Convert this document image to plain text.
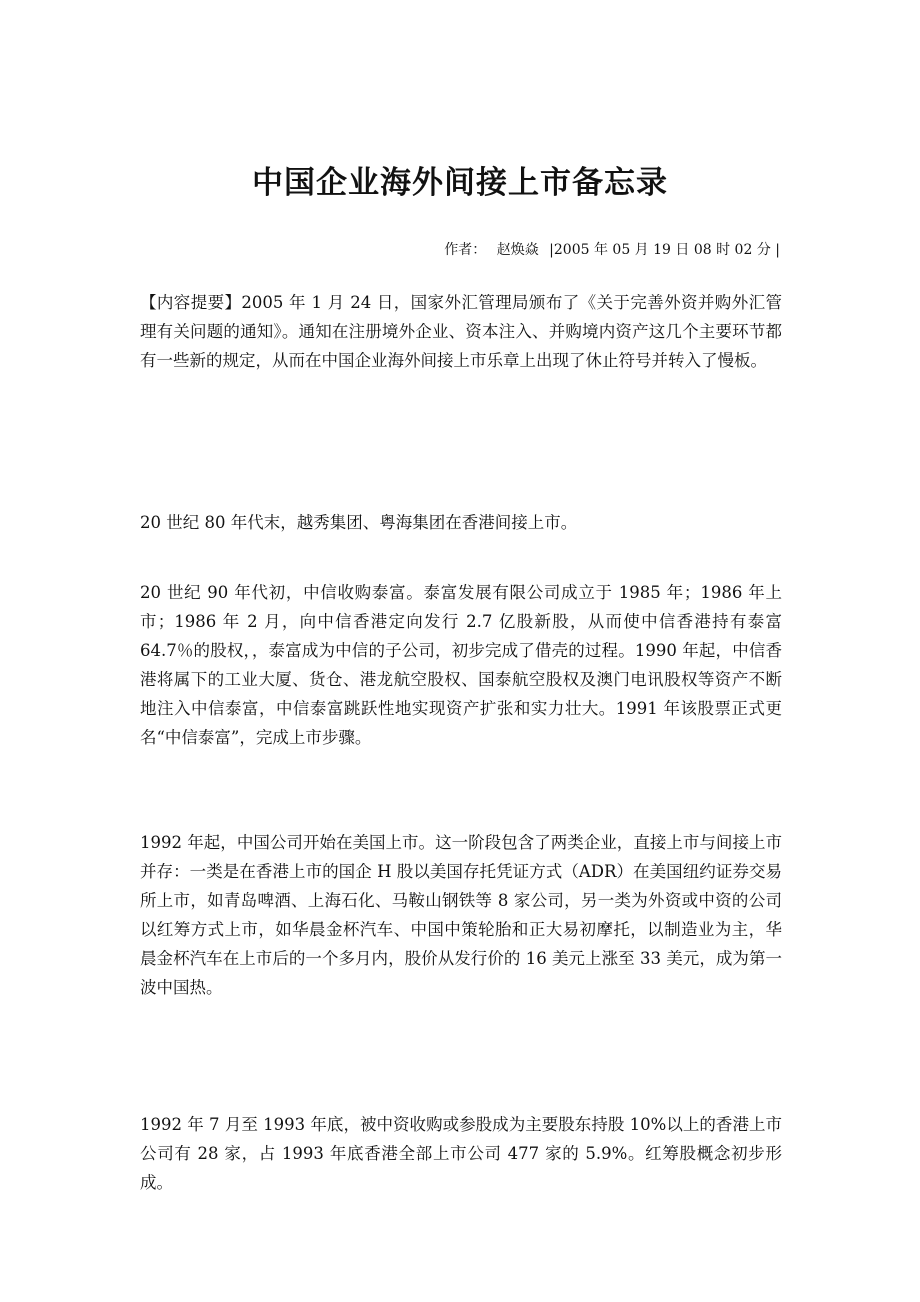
中国企业海外间接上市备忘录
作者： 赵焕焱 |2005 年 05 月 19 日 08 时 02 分 |

【内容提要】2005 年 1 月 24 日，国家外汇管理局颁布了《关于完善外资并购外汇管理有关问题的通知》。通知在注册境外企业、资本注入、并购境内资产这几个主要环节都有一些新的规定，从而在中国企业海外间接上市乐章上出现了休止符号并转入了慢板。

20 世纪 80 年代末，越秀集团、粤海集团在香港间接上市。

20 世纪 90 年代初，中信收购泰富。泰富发展有限公司成立于 1985 年；1986 年上市；1986 年 2 月，向中信香港定向发行 2.7 亿股新股，从而使中信香港持有泰富 64.7％的股权，，泰富成为中信的子公司，初步完成了借壳的过程。1990 年起，中信香港将属下的工业大厦、货仓、港龙航空股权、国泰航空股权及澳门电讯股权等资产不断地注入中信泰富，中信泰富跳跃性地实现资产扩张和实力壮大。1991 年该股票正式更名“中信泰富”，完成上市步骤。

1992 年起，中国公司开始在美国上市。这一阶段包含了两类企业，直接上市与间接上市并存：一类是在香港上市的国企 H 股以美国存托凭证方式（ADR）在美国纽约证券交易所上市，如青岛啤酒、上海石化、马鞍山钢铁等 8 家公司，另一类为外资或中资的公司以红筹方式上市，如华晨金杯汽车、中国中策轮胎和正大易初摩托，以制造业为主，华晨金杯汽车在上市后的一个多月内，股价从发行价的 16 美元上涨至 33 美元，成为第一波中国热。

1992 年 7 月至 1993 年底，被中资收购或参股成为主要股东持股 10%以上的香港上市公司有 28 家，占 1993 年底香港全部上市公司 477 家的 5.9%。红筹股概念初步形成。
